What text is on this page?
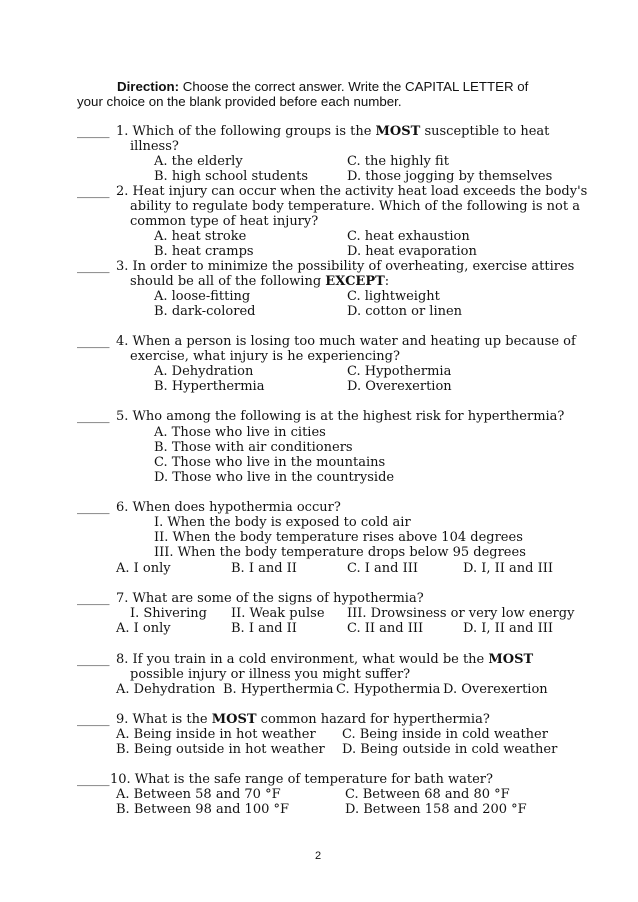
Direction: Choose the correct answer. Write the CAPITAL LETTER of
your choice on the blank provided before each number.
_____ 1. Which of the following groups is the MOST susceptible to heat
illness?
A. the elderly	C. the highly fit
B. high school students	D. those jogging by themselves
_____ 2. Heat injury can occur when the activity heat load exceeds the body's
ability to regulate body temperature. Which of the following is not a
common type of heat injury?
A. heat stroke	C. heat exhaustion
B. heat cramps	D. heat evaporation
_____ 3. In order to minimize the possibility of overheating, exercise attires
should be all of the following EXCEPT:
A. loose-fitting	C. lightweight
B. dark-colored	D. cotton or linen
_____ 4. When a person is losing too much water and heating up because of
exercise, what injury is he experiencing?
A. Dehydration	C. Hypothermia
B. Hyperthermia	D. Overexertion
_____ 5. Who among the following is at the highest risk for hyperthermia?
A. Those who live in cities
B. Those with air conditioners
C. Those who live in the mountains
D. Those who live in the countryside
_____ 6. When does hypothermia occur?
I. When the body is exposed to cold air
II. When the body temperature rises above 104 degrees
III. When the body temperature drops below 95 degrees
A. I only	B. I and II	C. I and III	D. I, II and III
_____ 7. What are some of the signs of hypothermia?
I. Shivering II. Weak pulse III. Drowsiness or very low energy
A. I only	B. I and II	C. II and III	D. I, II and III
_____ 8. If you train in a cold environment, what would be the MOST
possible injury or illness you might suffer?
A. Dehydration B. Hyperthermia C. Hypothermia D. Overexertion
_____ 9. What is the MOST common hazard for hyperthermia?
A. Being inside in hot weather C. Being inside in cold weather
B. Being outside in hot weather D. Being outside in cold weather
_____ 10. What is the safe range of temperature for bath water?
A. Between 58 and 70 °F	C. Between 68 and 80 °F
B. Between 98 and 100 °F	D. Between 158 and 200 °F
2
